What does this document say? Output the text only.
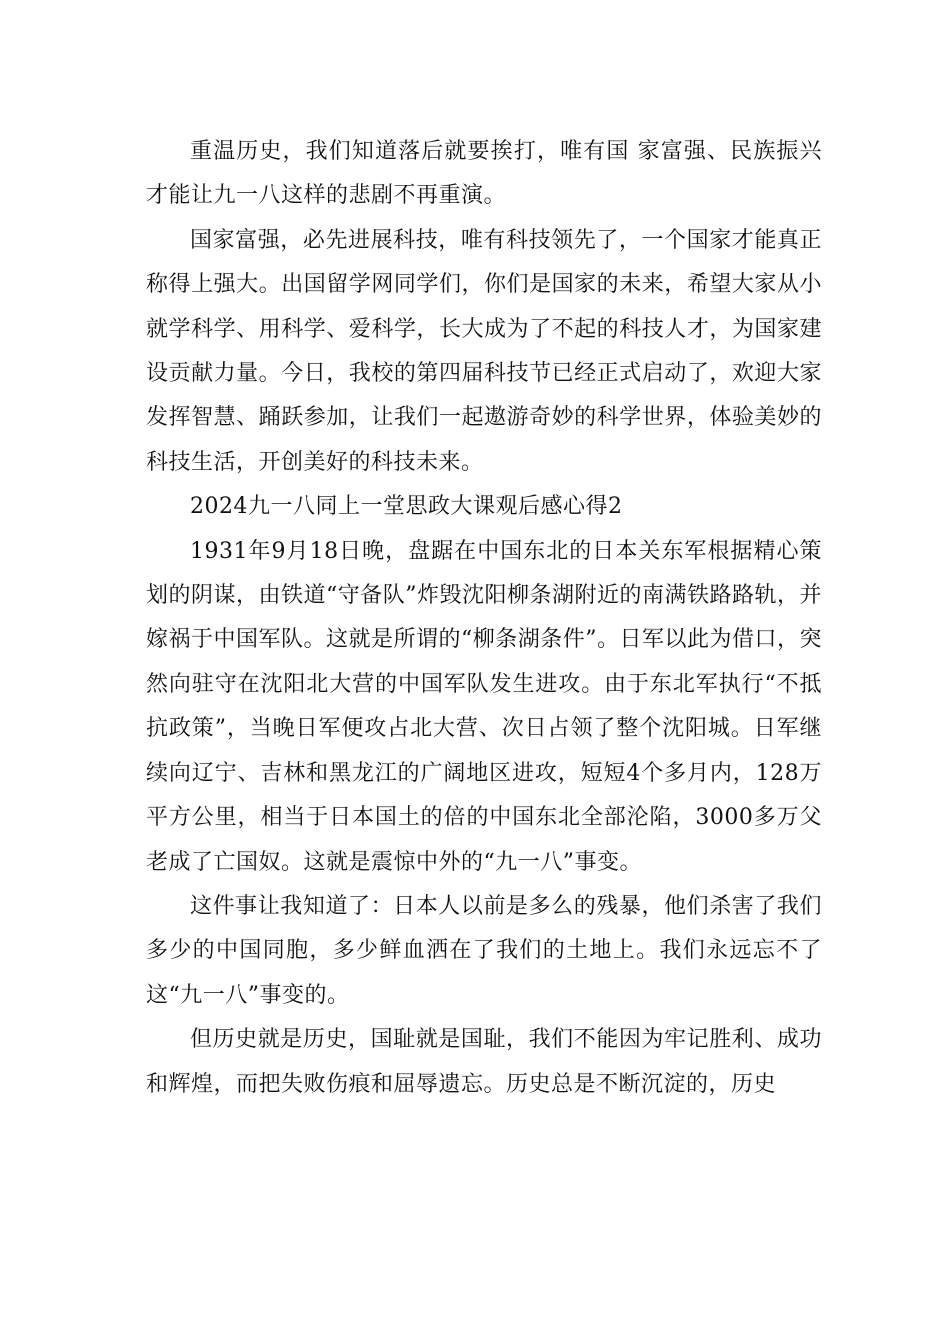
重温历史，我们知道落后就要挨打，唯有国 家富强、民族振兴才能让九一八这样的悲剧不再重演。

国家富强，必先进展科技，唯有科技领先了，一个国家才能真正称得上强大。出国留学网同学们，你们是国家的未来，希望大家从小就学科学、用科学、爱科学，长大成为了不起的科技人才，为国家建设贡献力量。今日，我校的第四届科技节已经正式启动了，欢迎大家发挥智慧、踊跃参加，让我们一起遨游奇妙的科学世界，体验美妙的科技生活，开创美好的科技未来。

2024九一八同上一堂思政大课观后感心得2

1931年9月18日晚，盘踞在中国东北的日本关东军根据精心策划的阴谋，由铁道“守备队”炸毁沈阳柳条湖附近的南满铁路路轨，并嫁祸于中国军队。这就是所谓的“柳条湖条件”。日军以此为借口，突然向驻守在沈阳北大营的中国军队发生进攻。由于东北军执行“不抵抗政策”，当晚日军便攻占北大营、次日占领了整个沈阳城。日军继续向辽宁、吉林和黑龙江的广阔地区进攻，短短4个多月内，128万平方公里，相当于日本国土的倍的中国东北全部沦陷，3000多万父老成了亡国奴。这就是震惊中外的“九一八”事变。

这件事让我知道了：日本人以前是多么的残暴，他们杀害了我们多少的中国同胞，多少鲜血洒在了我们的土地上。我们永远忘不了这“九一八”事变的。

但历史就是历史，国耻就是国耻，我们不能因为牢记胜利、成功和辉煌，而把失败伤痕和屈辱遗忘。历史总是不断沉淀的，历史
